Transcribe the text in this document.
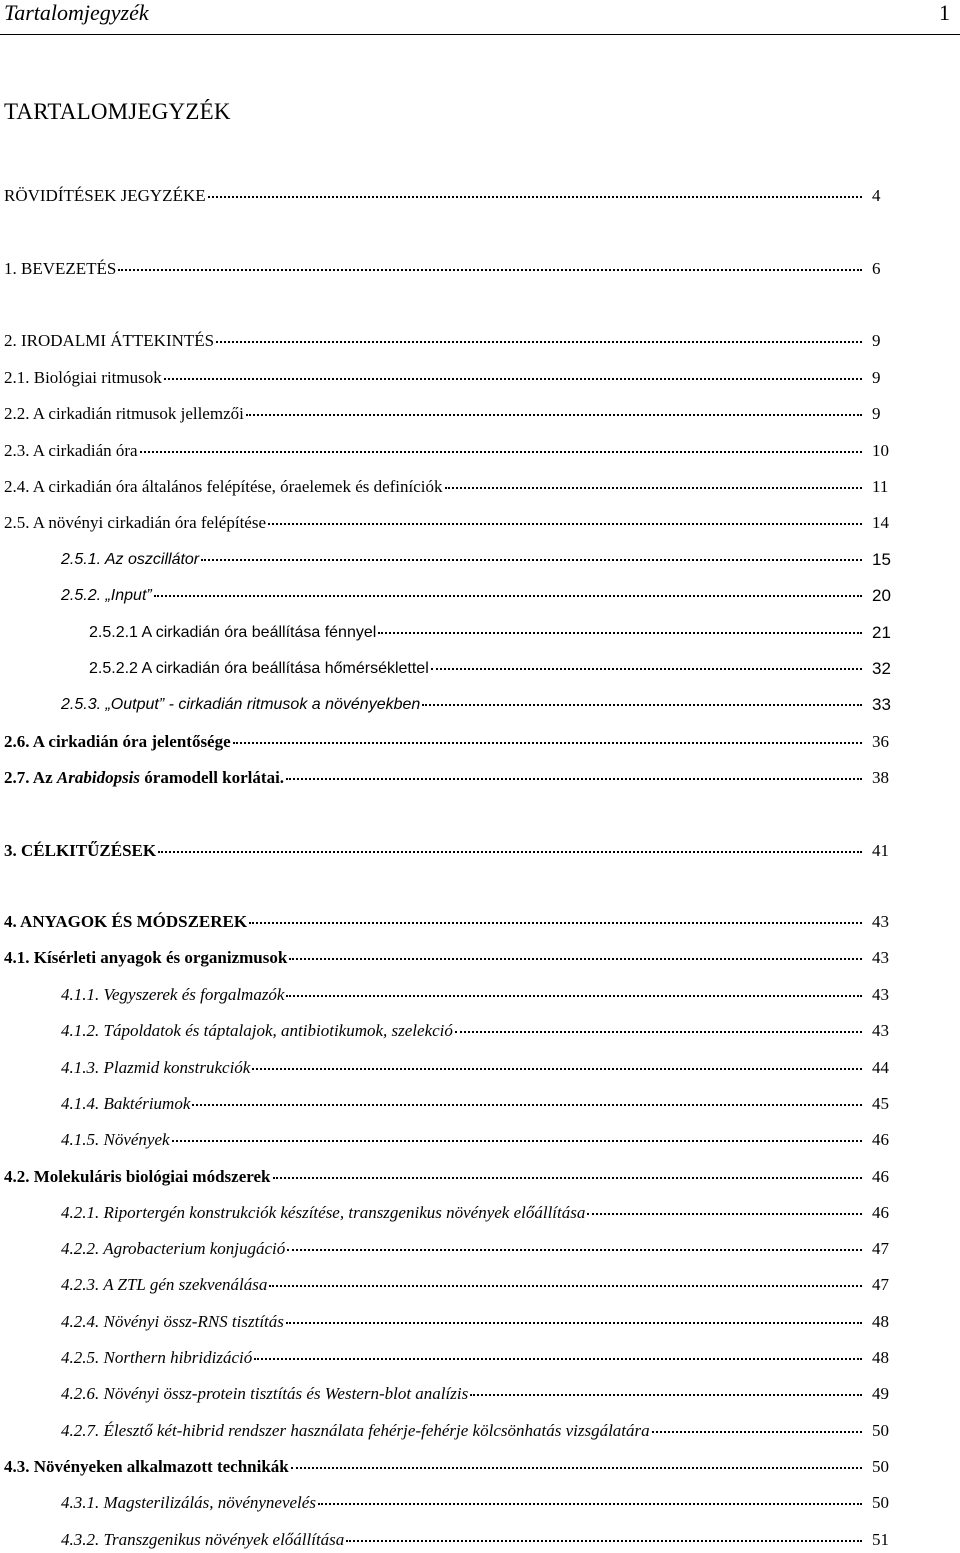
Tartalomjegyzék	1
TARTALOMJEGYZÉK
RÖVIDÍTÉSEK JEGYZÉKE	4
1. BEVEZETÉS	6
2. IRODALMI ÁTTEKINTÉS	9
2.1. Biológiai ritmusok	9
2.2. A cirkadián ritmusok jellemzői	9
2.3. A cirkadián óra	10
2.4. A cirkadián óra általános felépítése, óraelemek és definíciók	11
2.5. A növényi cirkadián óra felépítése	14
2.5.1. Az oszcillátor	15
2.5.2. „Input”	20
2.5.2.1 A cirkadián óra beállítása fénnyel	21
2.5.2.2 A cirkadián óra beállítása hőmérséklettel	32
2.5.3. „Output” - cirkadián ritmusok a növényekben	33
2.6. A cirkadián óra jelentősége	36
2.7. Az Arabidopsis óramodell korlátai.	38
3. CÉLKITŰZÉSEK	41
4. ANYAGOK ÉS MÓDSZEREK	43
4.1. Kísérleti anyagok és organizmusok	43
4.1.1. Vegyszerek és forgalmazók	43
4.1.2. Tápoldatok és táptalajok, antibiotikumok, szelekció	43
4.1.3. Plazmid konstrukciók	44
4.1.4. Baktériumok	45
4.1.5. Növények	46
4.2. Molekuláris biológiai módszerek	46
4.2.1. Riportergén konstrukciók készítése, transzgenikus növények előállítása	46
4.2.2. Agrobacterium konjugáció	47
4.2.3. A ZTL gén szekvenálása	47
4.2.4. Növényi össz-RNS tisztítás	48
4.2.5. Northern hibridizáció	48
4.2.6. Növényi össz-protein tisztítás és Western-blot analízis	49
4.2.7. Élesztő két-hibrid rendszer használata fehérje-fehérje kölcsönhatás vizsgálatára	50
4.3. Növényeken alkalmazott technikák	50
4.3.1. Magsterilizálás, növénynevelés	50
4.3.2. Transzgenikus növények előállítása	51
